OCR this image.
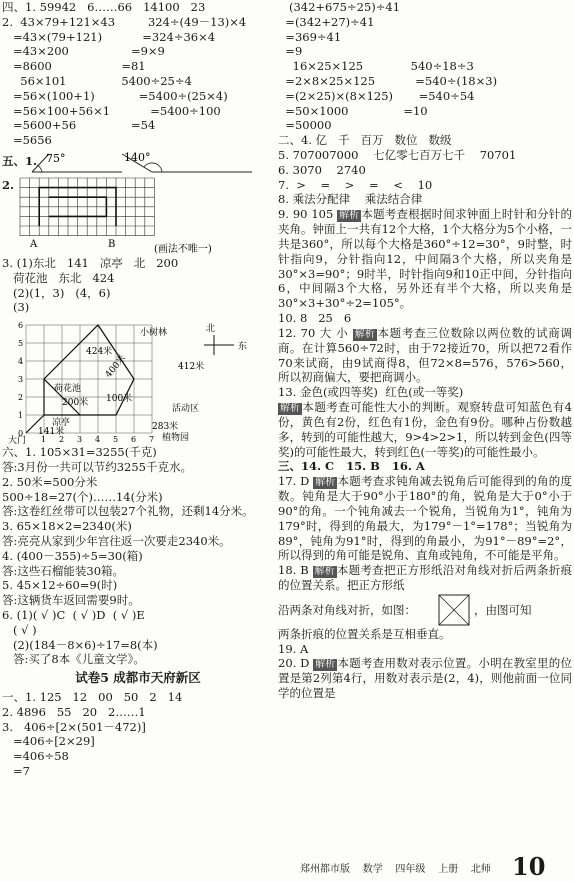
四、1. 59942   6……66   14100   23
2.  43×79+121×43         324÷(49－13)×4
=43×(79+121)           =324÷36×4
=43×200                 =9×9
=8600                   =81
56×101               5400÷25÷4
=56×(100+1)            =5400÷(25×4)
=56×100+56×1           =5400÷100
=5600+56               =54
=5656
五、1. 75°	140°
2.
A	B	(画法不唯一)
3. (1)东北   141   凉亭   北   200
荷花池   东北   424
(2)(1，3)   (4，6)
(3)
荷花池
凉亭
小树林
活动区
植物园
大门
424米
400米	412米
200米
283米
141米
100米
北
东
6
5
4
3
2
1
0
1 2 3 4 5 6 7
六、1. 105×31=3255(千克)
答:3月份一共可以节约3255千克水。
2. 50米=500分米
500÷18=27(个)……14(分米)
答:这卷红丝带可以包装27个礼物，还剩14分米。
3. 65×18×2=2340(米)
答:亮亮从家到少年宫往返一次要走2340米。
4. (400－355)÷5=30(箱)
答:这些石榴能装30箱。
5. 45×12÷60=9(时)
答:这辆货车返回需要9时。
6. (1)( √ )C  ( √ )D  ( √ )E
( √ )
(2)(184－8×6)÷17=8(本)
答:买了8本《儿童文学》。
试卷5 成都市天府新区
一、1. 125   12   00   50   2   14
2. 4896   55   20   2……1
3.   406÷[2×(501－472)]
=406÷[2×29]
=406÷58
=7
(342+675÷25)÷41
=(342+27)÷41
=369÷41
=9
16×25×125             540÷18÷3
=2×8×25×125           =540÷(18×3)
=(2×25)×(8×125)       =540÷54
=50×1000               =10
=50000
二、4. 亿   千   百万   数位   数级
5. 707007000    七亿零七百万七千    70701
6. 3070    2740
7.  >    =    >    =    <    10
8. 乘法分配律    乘法结合律
9. 90 105 解析 本题考查根据时间求钟面上时针和分针的夹角。钟面上一共有12个大格，1个大格分为5个小格，一共是360°，所以每个大格是360°÷12=30°，9时整，时针指向9，分针指向12，中间隔3个大格，所以夹角是30°×3=90°；9时半，时针指向9和10正中间，分针指向6，中间隔3个大格，另外还有半个大格，所以夹角是30°×3+30°÷2=105°。
10. 8   25   6
12. 70 大 小 解析 本题考查三位数除以两位数的试商调商。在计算560÷72时，由于72接近70，所以把72看作70来试商，由9试商得8，但72×8=576，576>560，所以初商偏大，要把商调小。
13. 金色(或四等奖)  红色(或一等奖)
解析 本题考查可能性大小的判断。观察转盘可知蓝色有4份，黄色有2份，红色有1份，金色有9份。哪种占份数越多，转到的可能性越大，9>4>2>1，所以转到金色(四等奖)的可能性最大，转到红色(一等奖)的可能性最小。
三、14. C   15. B   16. A
17. D 解析 本题考查求钝角减去锐角后可能得到的角的度数。钝角是大于90°小于180°的角，锐角是大于0°小于90°的角。一个钝角减去一个锐角，当锐角为1°，钝角为179°时，得到的角最大，为179°－1°=178°；当锐角为89°，钝角为91°时，得到的角最小，为91°－89°=2°，所以得到的角可能是锐角、直角或钝角，不可能是平角。
18. B 解析 本题考查把正方形纸沿对角线对折后两条折痕的位置关系。把正方形纸
沿两条对角线对折，如图：	，由图可知
两条折痕的位置关系是互相垂直。
19. A
20. D 解析 本题考查用数对表示位置。小明在教室里的位置是第2列第4行，用数对表示是(2，4)，则他前面一位同学的位置是
郑州都市版    数学    四年级    上册    北师 10
